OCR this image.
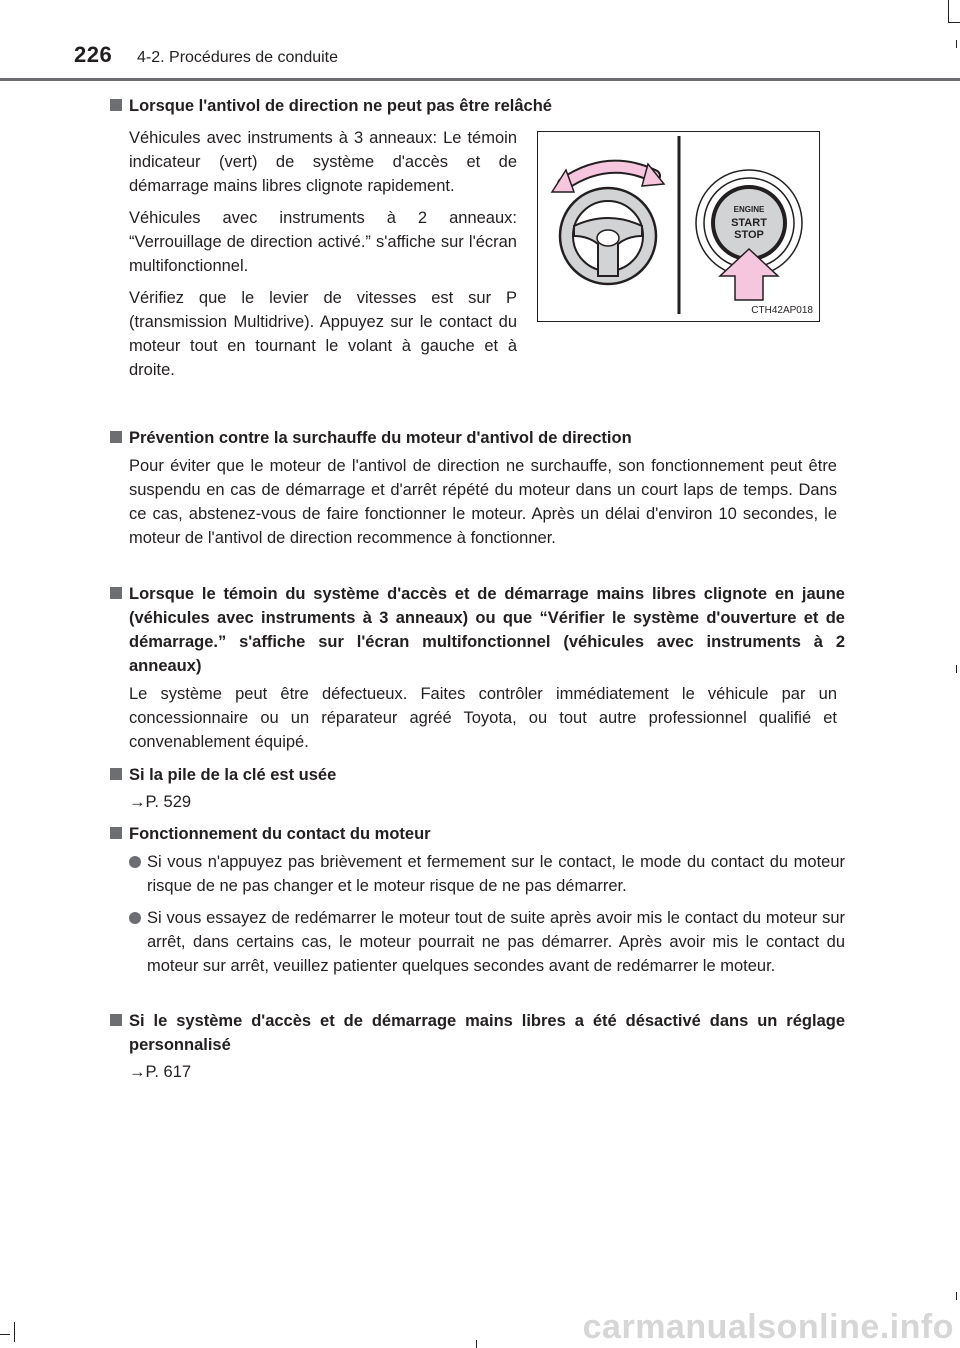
226 4-2. Procédures de conduite
Lorsque l'antivol de direction ne peut pas être relâché
Véhicules avec instruments à 3 anneaux: Le témoin indicateur (vert) de système d'accès et de démarrage mains libres clignote rapidement.
Véhicules avec instruments à 2 anneaux: “Verrouillage de direction activé.” s'affiche sur l'écran multifonctionnel.
Vérifiez que le levier de vitesses est sur P (transmission Multidrive). Appuyez sur le contact du moteur tout en tournant le volant à gauche et à droite.
ENGINE
START
STOP
CTH42AP018
Prévention contre la surchauffe du moteur d'antivol de direction
Pour éviter que le moteur de l'antivol de direction ne surchauffe, son fonctionnement peut être suspendu en cas de démarrage et d'arrêt répété du moteur dans un court laps de temps. Dans ce cas, abstenez-vous de faire fonctionner le moteur. Après un délai d'environ 10 secondes, le moteur de l'antivol de direction recommence à fonctionner.
Lorsque le témoin du système d'accès et de démarrage mains libres clignote en jaune (véhicules avec instruments à 3 anneaux) ou que “Vérifier le système d'ouverture et de démarrage.” s'affiche sur l'écran multifonctionnel (véhicules avec instruments à 2 anneaux)
Le système peut être défectueux. Faites contrôler immédiatement le véhicule par un concessionnaire ou un réparateur agréé Toyota, ou tout autre professionnel qualifié et convenablement équipé.
Si la pile de la clé est usée
→P. 529
Fonctionnement du contact du moteur
Si vous n'appuyez pas brièvement et fermement sur le contact, le mode du contact du moteur risque de ne pas changer et le moteur risque de ne pas démarrer.
Si vous essayez de redémarrer le moteur tout de suite après avoir mis le contact du moteur sur arrêt, dans certains cas, le moteur pourrait ne pas démarrer. Après avoir mis le contact du moteur sur arrêt, veuillez patienter quelques secondes avant de redémarrer le moteur.
Si le système d'accès et de démarrage mains libres a été désactivé dans un réglage personnalisé
→P. 617
carmanualsonline.info
